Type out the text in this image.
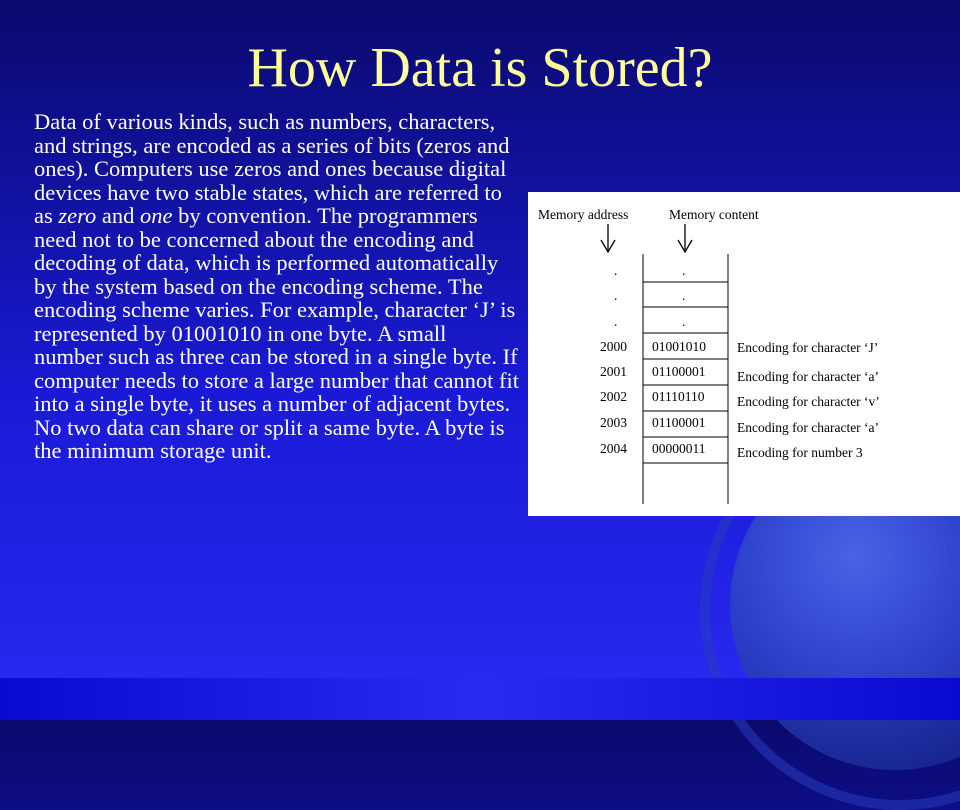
How Data is Stored?

Data of various kinds, such as numbers, characters, and strings, are encoded as a series of bits (zeros and ones). Computers use zeros and ones because digital devices have two stable states, which are referred to as zero and one by convention. The programmers need not to be concerned about the encoding and decoding of data, which is performed automatically by the system based on the encoding scheme. The encoding scheme varies. For example, character ‘J’ is represented by 01001010 in one byte. A small number such as three can be stored in a single byte. If computer needs to store a large number that cannot fit into a single byte, it uses a number of adjacent bytes. No two data can share or split a same byte. A byte is the minimum storage unit.

Memory address	Memory content
.
.
.
.
.
.
2000 01001010 Encoding for character ‘J’
2001 01100001 Encoding for character ‘a’
2002 01110110 Encoding for character ‘v’
2003 01100001 Encoding for character ‘a’
2004 00000011 Encoding for number 3
